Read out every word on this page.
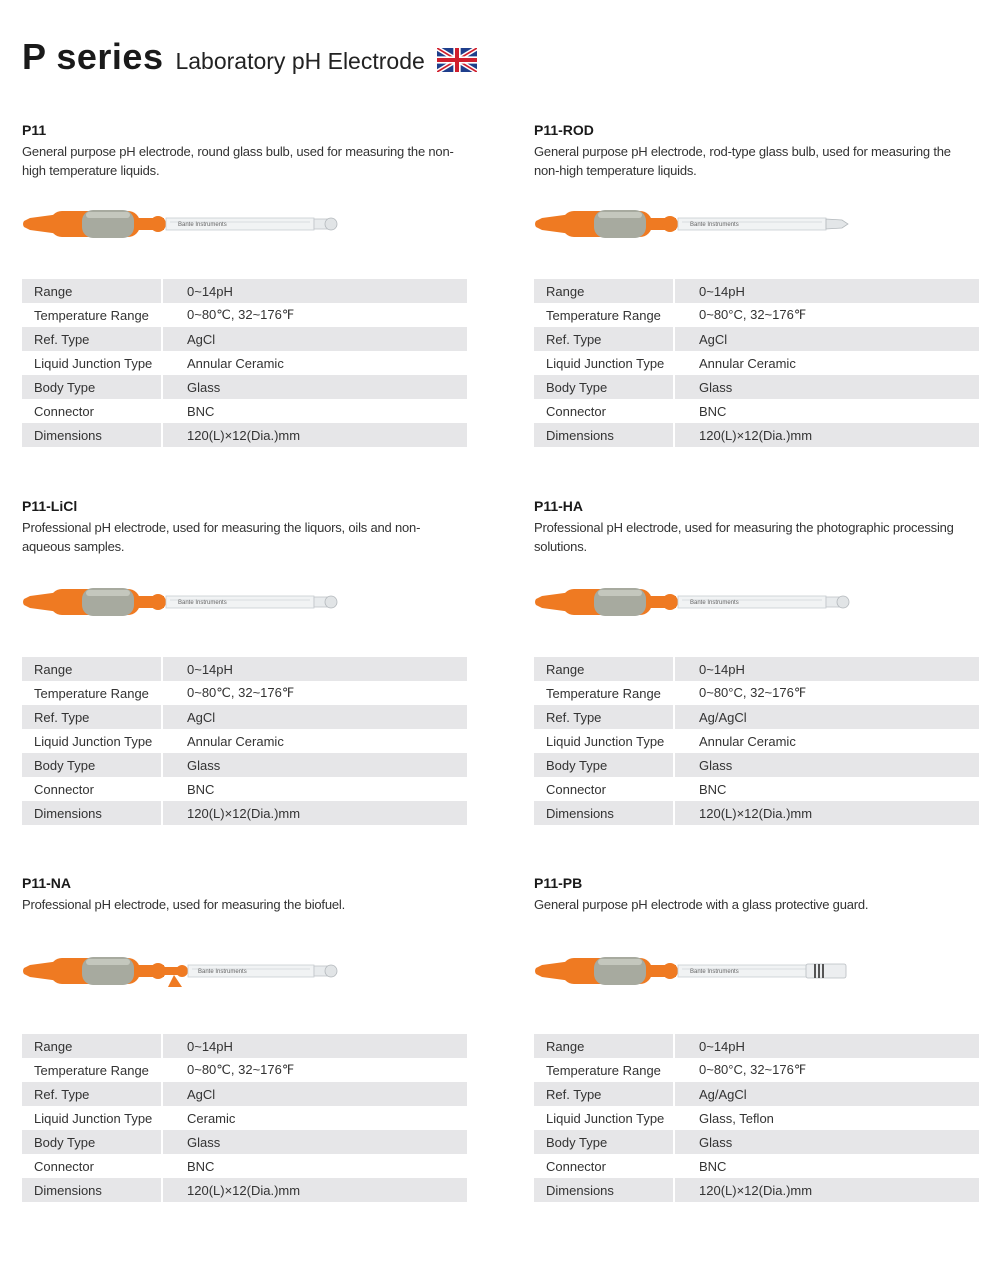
P series Laboratory pH Electrode
P11
General purpose pH electrode, round glass bulb, used for measuring the non-high temperature liquids.
Bante Instruments
Range	0~14pH
Temperature Range	0~80℃, 32~176℉
Ref. Type	AgCl
Liquid Junction Type	Annular Ceramic
Body Type	Glass
Connector	BNC
Dimensions	120(L)×12(Dia.)mm
P11-ROD
General purpose pH electrode, rod-type glass bulb, used for measuring the non-high temperature liquids.
Bante Instruments
Range	0~14pH
Temperature Range	0~80°C, 32~176℉
Ref. Type	AgCl
Liquid Junction Type	Annular Ceramic
Body Type	Glass
Connector	BNC
Dimensions	120(L)×12(Dia.)mm
P11-LiCl
Professional pH electrode, used for measuring the liquors, oils and non-aqueous samples.
Bante Instruments
Range	0~14pH
Temperature Range	0~80℃, 32~176℉
Ref. Type	AgCl
Liquid Junction Type	Annular Ceramic
Body Type	Glass
Connector	BNC
Dimensions	120(L)×12(Dia.)mm
P11-HA
Professional pH electrode, used for measuring the photographic processing solutions.
Bante Instruments
Range	0~14pH
Temperature Range	0~80°C, 32~176℉
Ref. Type	Ag/AgCl
Liquid Junction Type	Annular Ceramic
Body Type	Glass
Connector	BNC
Dimensions	120(L)×12(Dia.)mm
P11-NA
Professional pH electrode, used for measuring the biofuel.
Bante Instruments
Range	0~14pH
Temperature Range	0~80℃, 32~176℉
Ref. Type	AgCl
Liquid Junction Type	Ceramic
Body Type	Glass
Connector	BNC
Dimensions	120(L)×12(Dia.)mm
P11-PB
General purpose pH electrode with a glass protective guard.
Bante Instruments
Range	0~14pH
Temperature Range	0~80°C, 32~176℉
Ref. Type	Ag/AgCl
Liquid Junction Type	Glass, Teflon
Body Type	Glass
Connector	BNC
Dimensions	120(L)×12(Dia.)mm
